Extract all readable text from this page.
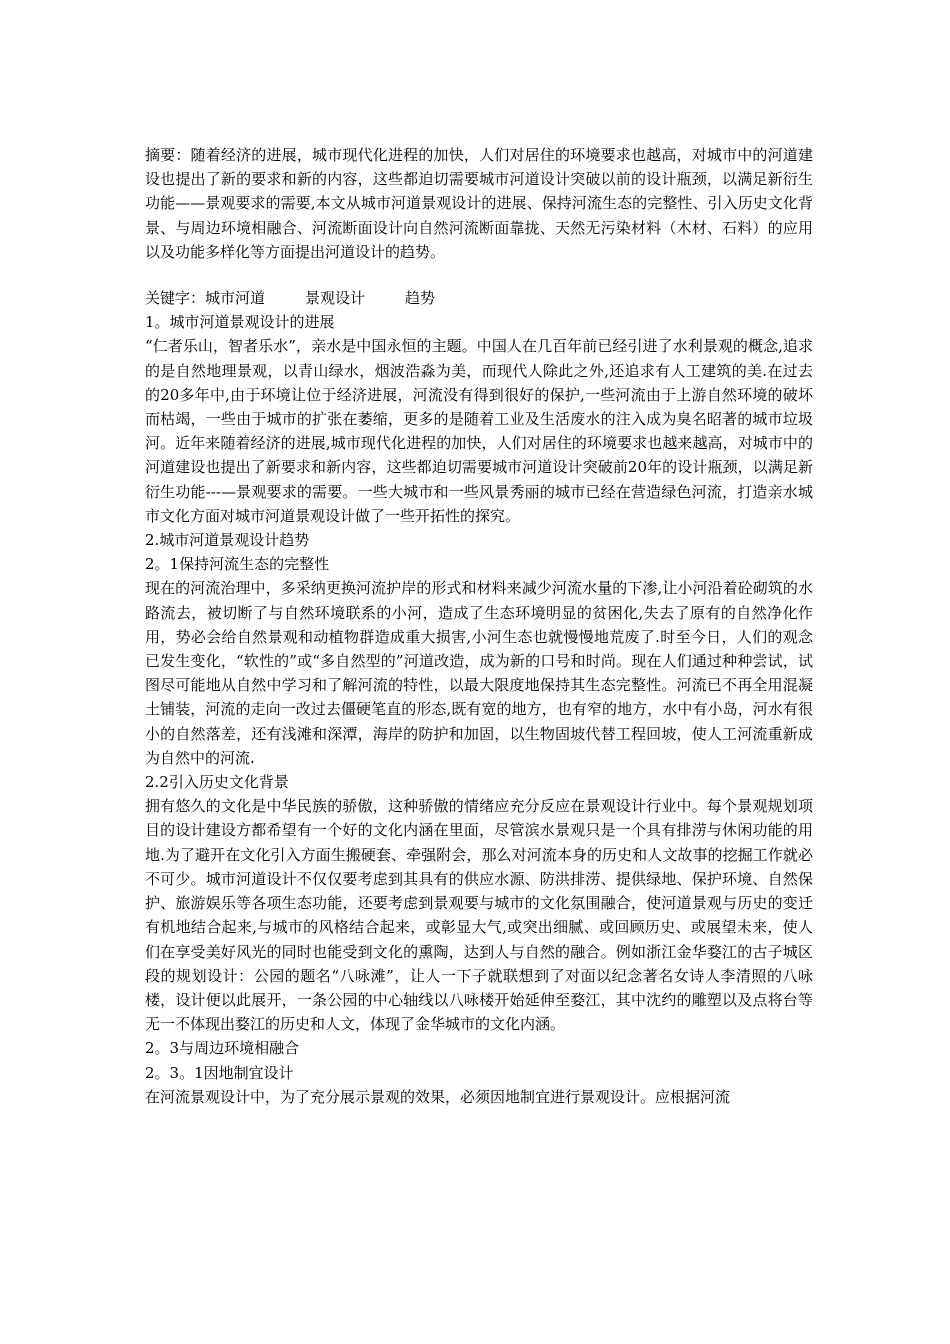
摘要：随着经济的进展，城市现代化进程的加快，人们对居住的环境要求也越高，对城市中的河道建设也提出了新的要求和新的内容，这些都迫切需要城市河道设计突破以前的设计瓶颈，以满足新衍生功能——景观要求的需要,本文从城市河道景观设计的进展、保持河流生态的完整性、引入历史文化背景、与周边环境相融合、河流断面设计向自然河流断面靠拢、天然无污染材料（木材、石料）的应用以及功能多样化等方面提出河道设计的趋势。

关键字：城市河道	景观设计	趋势

1。城市河道景观设计的进展

“仁者乐山，智者乐水”，亲水是中国永恒的主题。中国人在几百年前已经引进了水利景观的概念,追求的是自然地理景观，以青山绿水，烟波浩淼为美，而现代人除此之外,还追求有人工建筑的美.在过去的20多年中,由于环境让位于经济进展，河流没有得到很好的保护,一些河流由于上游自然环境的破坏而枯竭，一些由于城市的扩张在萎缩，更多的是随着工业及生活废水的注入成为臭名昭著的城市垃圾河。近年来随着经济的进展,城市现代化进程的加快，人们对居住的环境要求也越来越高，对城市中的河道建设也提出了新要求和新内容，这些都迫切需要城市河道设计突破前20年的设计瓶颈，以满足新衍生功能---—景观要求的需要。一些大城市和一些风景秀丽的城市已经在营造绿色河流，打造亲水城市文化方面对城市河道景观设计做了一些开拓性的探究。

2.城市河道景观设计趋势

2。1保持河流生态的完整性

现在的河流治理中，多采纳更换河流护岸的形式和材料来减少河流水量的下渗,让小河沿着砼砌筑的水路流去，被切断了与自然环境联系的小河，造成了生态环境明显的贫困化,失去了原有的自然净化作用，势必会给自然景观和动植物群造成重大损害,小河生态也就慢慢地荒废了.时至今日，人们的观念已发生变化，“软性的”或“多自然型的”河道改造，成为新的口号和时尚。现在人们通过种种尝试，试图尽可能地从自然中学习和了解河流的特性，以最大限度地保持其生态完整性。河流已不再全用混凝土铺装，河流的走向一改过去僵硬笔直的形态,既有宽的地方，也有窄的地方，水中有小岛，河水有很小的自然落差，还有浅滩和深潭，海岸的防护和加固，以生物固坡代替工程回坡，使人工河流重新成为自然中的河流.

2.2引入历史文化背景

拥有悠久的文化是中华民族的骄傲，这种骄傲的情绪应充分反应在景观设计行业中。每个景观规划项目的设计建设方都希望有一个好的文化内涵在里面，尽管滨水景观只是一个具有排涝与休闲功能的用地.为了避开在文化引入方面生搬硬套、牵强附会，那么对河流本身的历史和人文故事的挖掘工作就必不可少。城市河道设计不仅仅要考虑到其具有的供应水源、防洪排涝、提供绿地、保护环境、自然保护、旅游娱乐等各项生态功能，还要考虑到景观要与城市的文化氛围融合，使河道景观与历史的变迁有机地结合起来,与城市的风格结合起来，或彰显大气,或突出细腻、或回顾历史、或展望未来，使人们在享受美好风光的同时也能受到文化的熏陶，达到人与自然的融合。例如浙江金华婺江的古子城区段的规划设计：公园的题名“八咏滩”，让人一下子就联想到了对面以纪念著名女诗人李清照的八咏楼，设计便以此展开，一条公园的中心轴线以八咏楼开始延伸至婺江，其中沈约的雕塑以及点将台等无一不体现出婺江的历史和人文，体现了金华城市的文化内涵。

2。3与周边环境相融合

2。3。1因地制宜设计

在河流景观设计中，为了充分展示景观的效果，必须因地制宜进行景观设计。应根据河流
